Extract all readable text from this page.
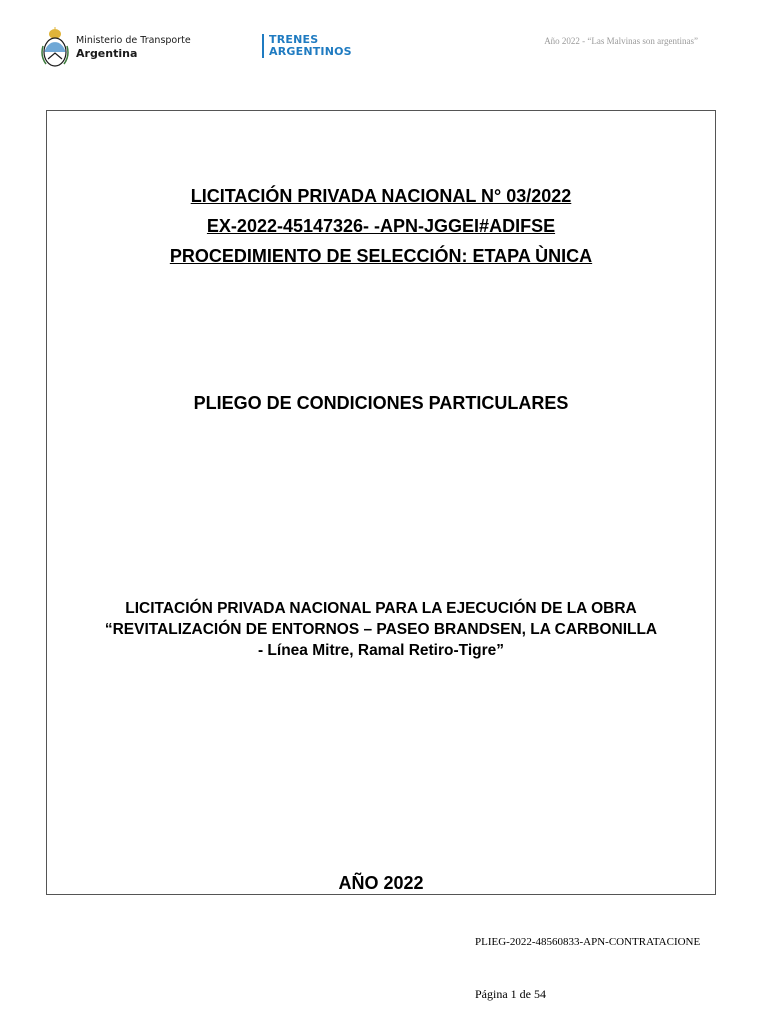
Ministerio de Transporte
Argentina
TRENES
ARGENTINOS
Año 2022 - “Las Malvinas son argentinas”
LICITACIÓN PRIVADA NACIONAL N° 03/2022
EX-2022-45147326- -APN-JGGEI#ADIFSE
PROCEDIMIENTO DE SELECCIÓN: ETAPA ÙNICA
PLIEGO DE CONDICIONES PARTICULARES
LICITACIÓN PRIVADA NACIONAL PARA LA EJECUCIÓN DE LA OBRA
“REVITALIZACIÓN DE ENTORNOS – PASEO BRANDSEN, LA CARBONILLA
- Línea Mitre, Ramal Retiro-Tigre”
AÑO 2022
PLIEG-2022-48560833-APN-CONTRATACIONE
Página 1 de 54
